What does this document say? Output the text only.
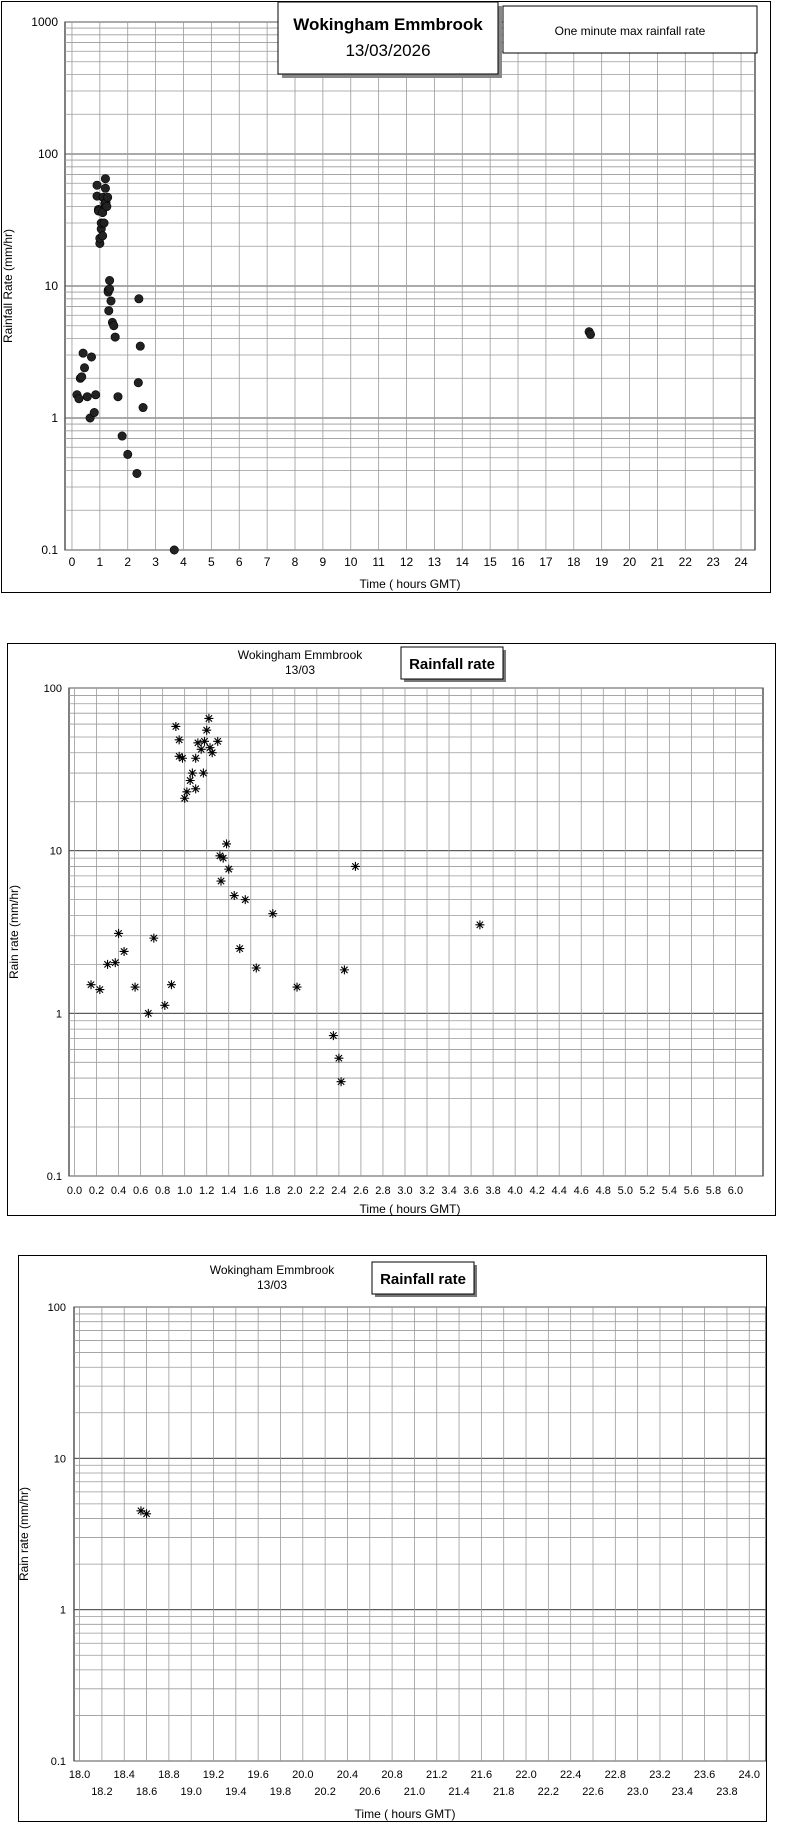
0 1 2 3 4 5 6 7 8 9 10 11 12 13 14 15 16 17 18 19 20 21 22 23 24
0.1
1
10
100
1000	Wokingham Emmbrook
13/03/2026
One minute max rainfall rate
Time ( hours GMT)
Rainfall Rate (mm/hr)
0.0 0.2 0.4 0.6 0.8 1.0 1.2 1.4 1.6 1.8 2.0 2.2 2.4 2.6 2.8 3.0 3.2 3.4 3.6 3.8 4.0 4.2 4.4 4.6 4.8 5.0 5.2 5.4 5.6 5.8 6.0
0.1
1
10
100
Wokingham Emmbrook
13/03	Rainfall rate
Time ( hours GMT)
Rain rate (mm/hr)
18.0
18.2
18.4
18.6
18.8
19.0
19.2
19.4
19.6
19.8
20.0
20.2
20.4
20.6
20.8
21.0
21.2
21.4
21.6
21.8
22.0
22.2
22.4
22.6
22.8
23.0
23.2
23.4
23.6
23.8
24.0
0.1
1
10
100
Wokingham Emmbrook
13/03	Rainfall rate
Time ( hours GMT)
Rain rate (mm/hr)
